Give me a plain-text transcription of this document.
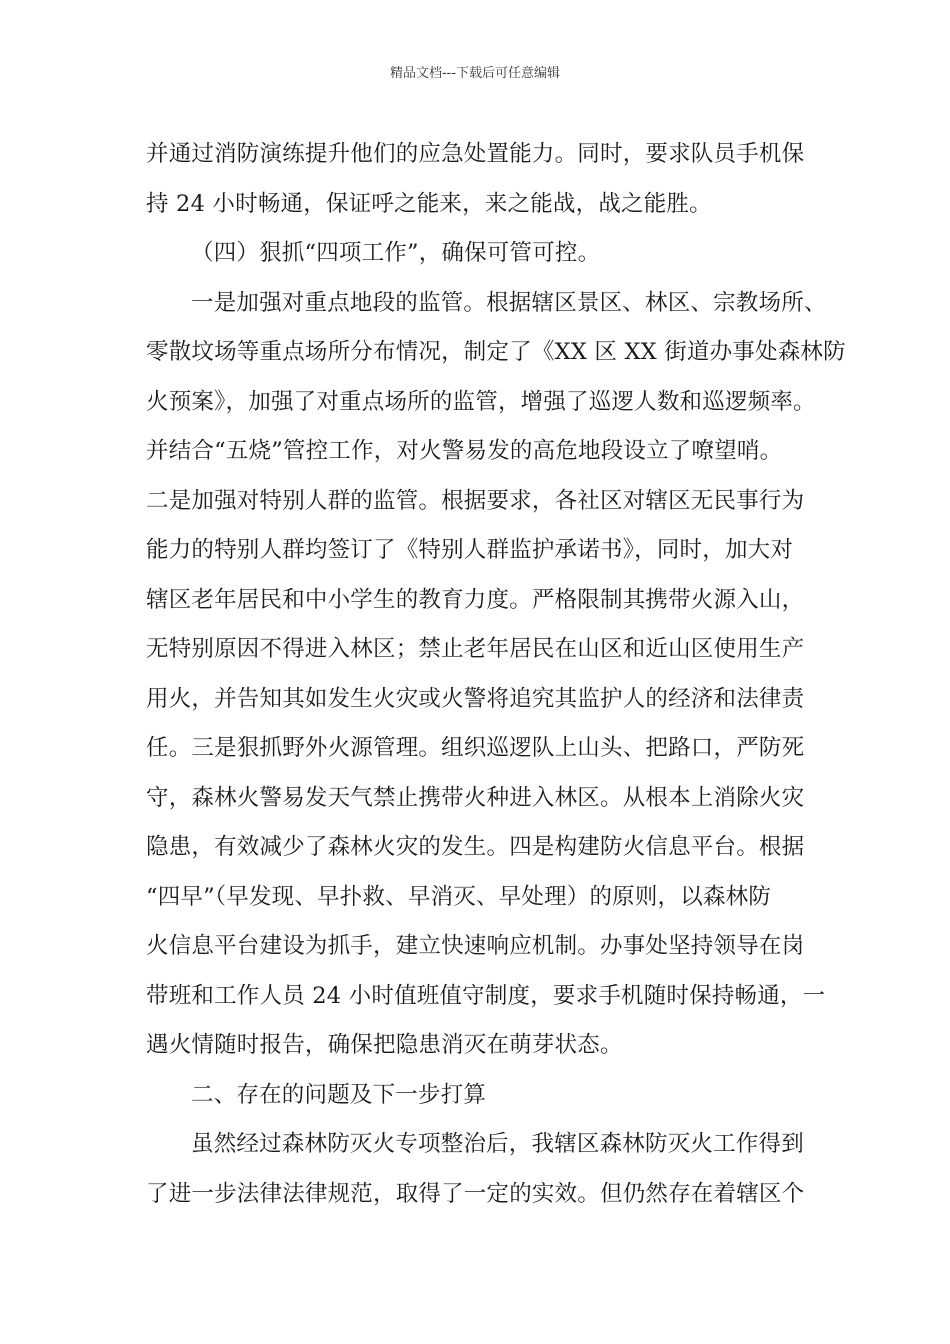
精品文档---下载后可任意编辑
并通过消防演练提升他们的应急处置能力。同时，要求队员手机保
持 24 小时畅通，保证呼之能来，来之能战，战之能胜。
（四）狠抓“四项工作”，确保可管可控。
一是加强对重点地段的监管。根据辖区景区、林区、宗教场所、
零散坟场等重点场所分布情况，制定了《XX 区 XX 街道办事处森林防
火预案》，加强了对重点场所的监管，增强了巡逻人数和巡逻频率。
并结合“五烧”管控工作，对火警易发的高危地段设立了嘹望哨。
二是加强对特别人群的监管。根据要求，各社区对辖区无民事行为
能力的特别人群均签订了《特别人群监护承诺书》，同时，加大对
辖区老年居民和中小学生的教育力度。严格限制其携带火源入山，
无特别原因不得进入林区；禁止老年居民在山区和近山区使用生产
用火，并告知其如发生火灾或火警将追究其监护人的经济和法律责
任。三是狠抓野外火源管理。组织巡逻队上山头、把路口，严防死
守，森林火警易发天气禁止携带火种进入林区。从根本上消除火灾
隐患，有效减少了森林火灾的发生。四是构建防火信息平台。根据
“四早”（早发现、早扑救、早消灭、早处理）的原则，以森林防
火信息平台建设为抓手，建立快速响应机制。办事处坚持领导在岗
带班和工作人员 24 小时值班值守制度，要求手机随时保持畅通，一
遇火情随时报告，确保把隐患消灭在萌芽状态。
二、存在的问题及下一步打算
虽然经过森林防灭火专项整治后，我辖区森林防灭火工作得到
了进一步法律法律规范，取得了一定的实效。但仍然存在着辖区个
